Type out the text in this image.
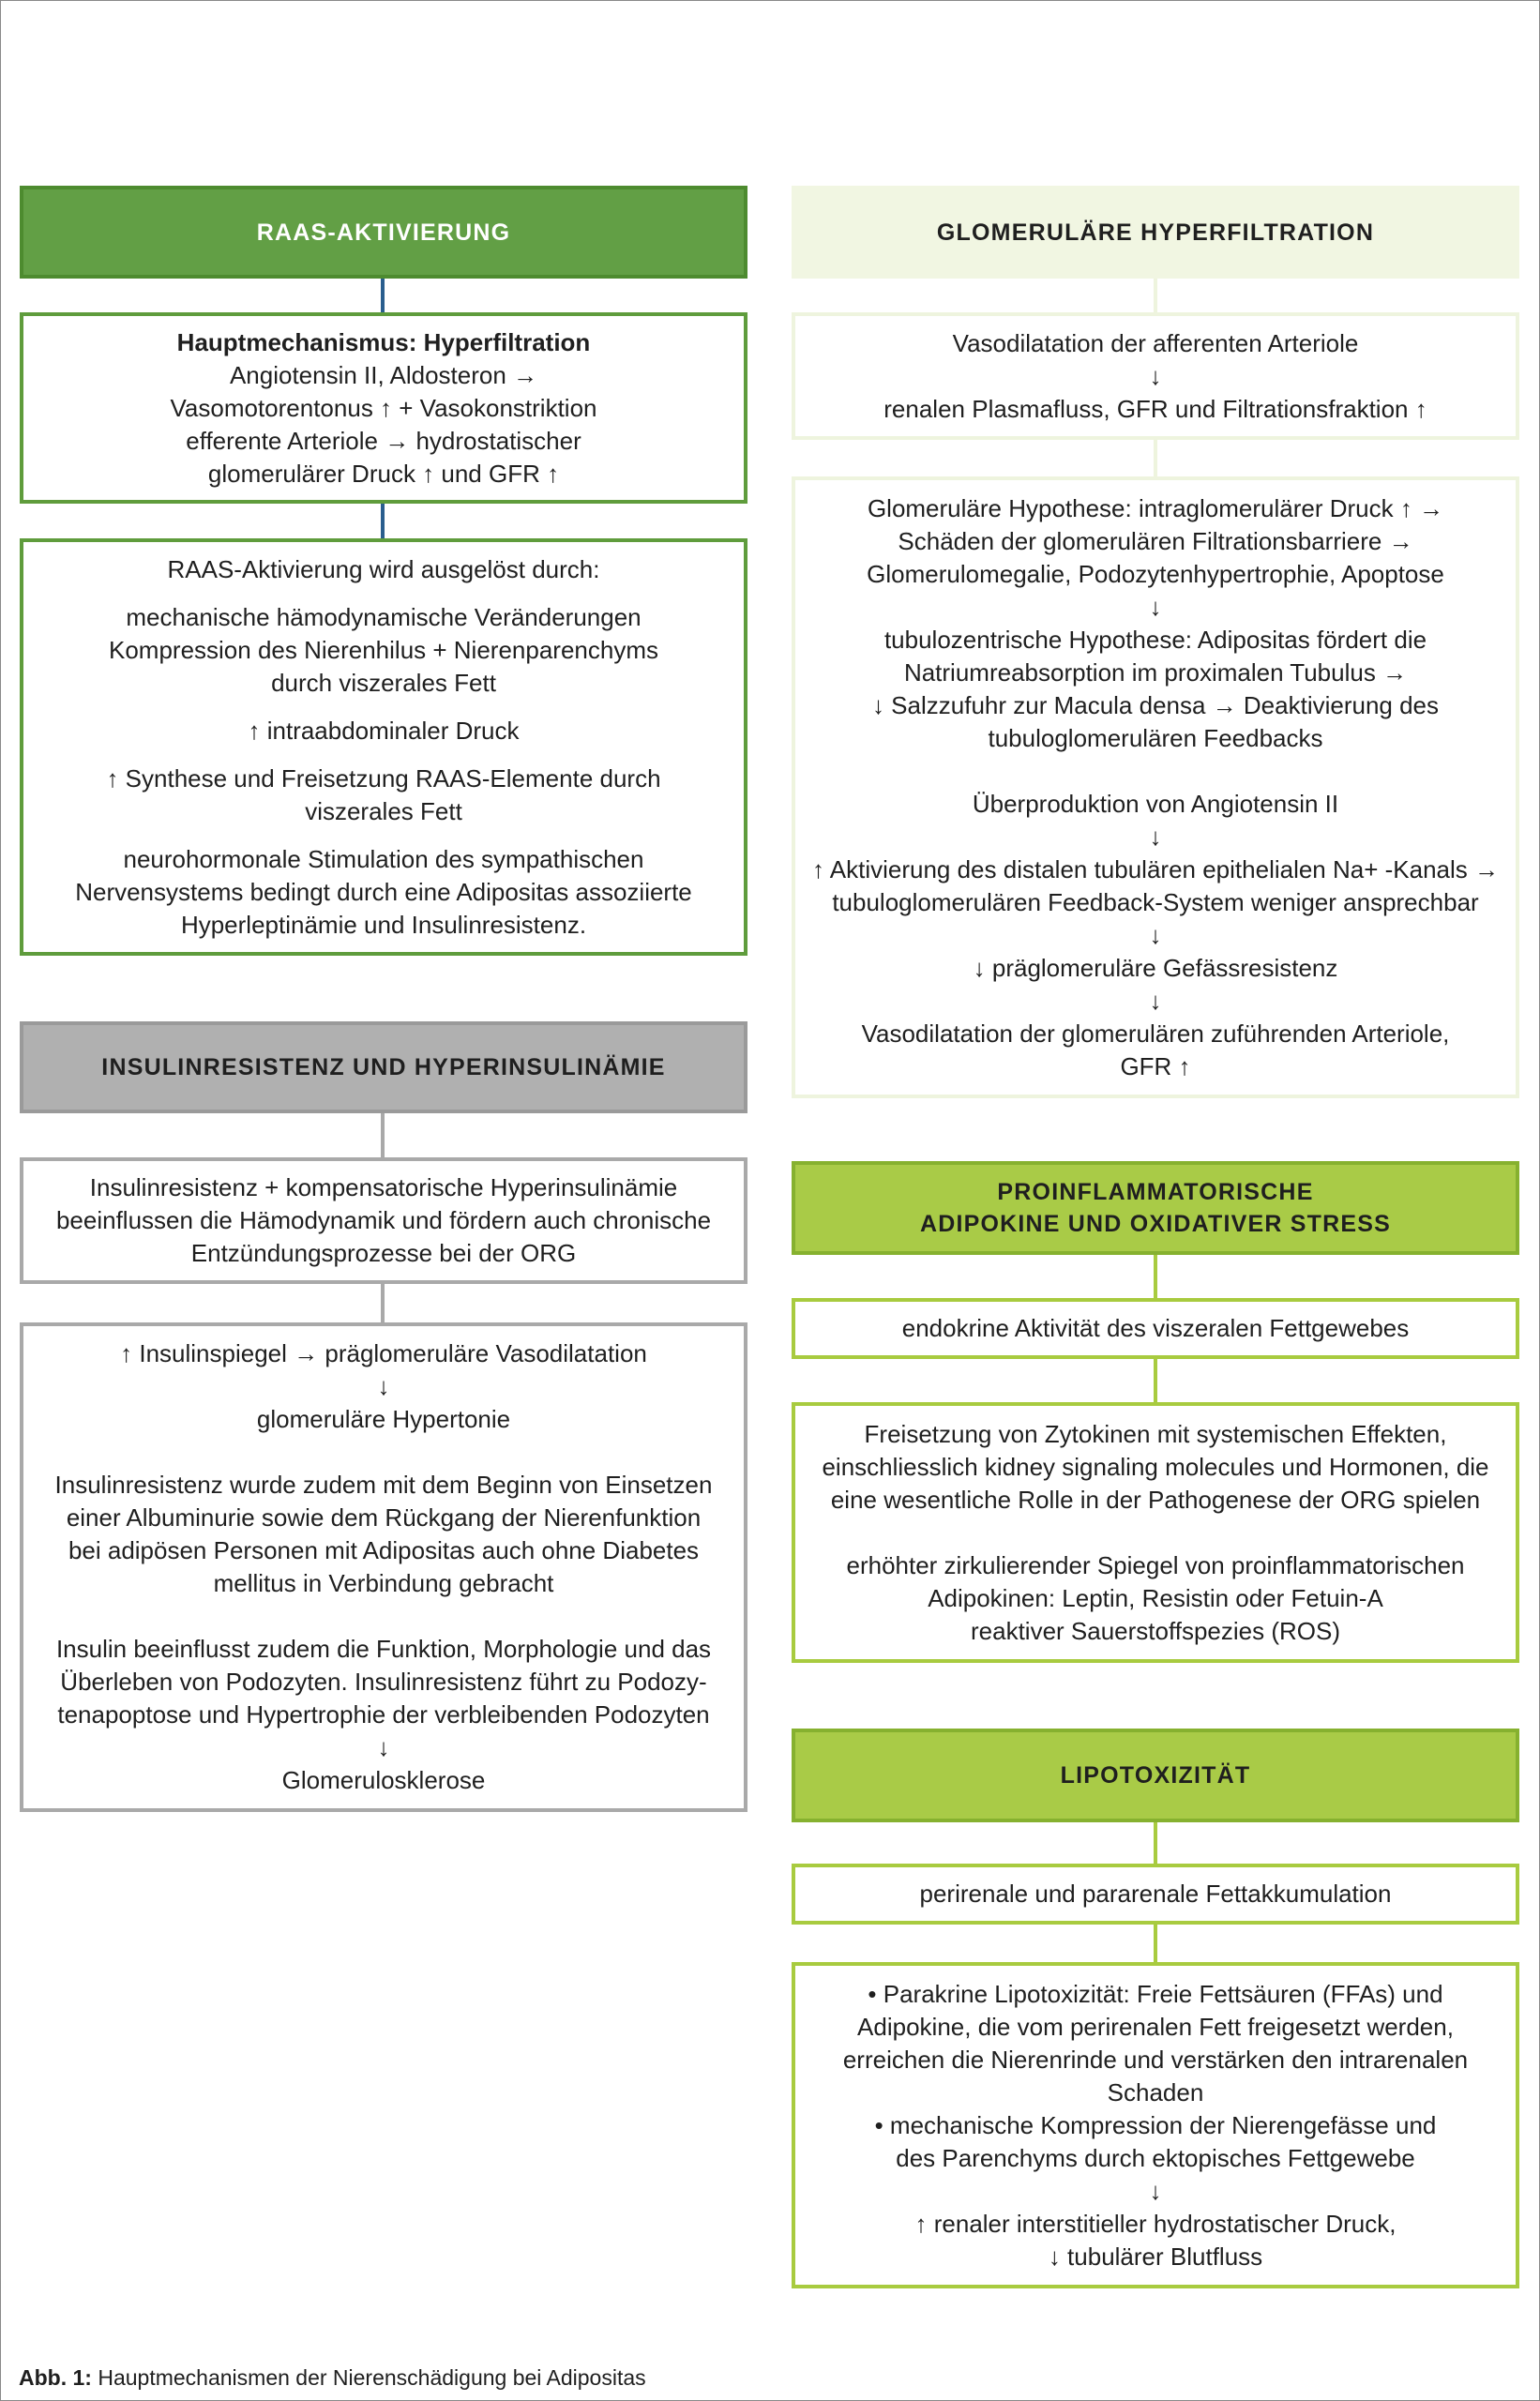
RAAS-AKTIVIERUNG
Hauptmechanismus: Hyperfiltration
Angiotensin II, Aldosteron →
Vasomotorentonus ↑ + Vasokonstriktion
efferente Arteriole → hydrostatischer
glomerulärer Druck ↑ und GFR ↑
RAAS-Aktivierung wird ausgelöst durch:
mechanische hämodynamische Veränderungen
Kompression des Nierenhilus + Nierenparenchyms
durch viszerales Fett
↑ intraabdominaler Druck
↑ Synthese und Freisetzung RAAS-Elemente durch
viszerales Fett
neurohormonale Stimulation des sympathischen
Nervensystems bedingt durch eine Adipositas assoziierte
Hyperleptinämie und Insulinresistenz.
INSULINRESISTENZ UND HYPERINSULINÄMIE
Insulinresistenz + kompensatorische Hyperinsulinämie
beeinflussen die Hämodynamik und fördern auch chronische
Entzündungsprozesse bei der ORG
↑ Insulinspiegel → präglomeruläre Vasodilatation
↓
glomeruläre Hypertonie
Insulinresistenz wurde zudem mit dem Beginn von Einsetzen
einer Albuminurie sowie dem Rückgang der Nierenfunktion
bei adipösen Personen mit Adipositas auch ohne Diabetes
mellitus in Verbindung gebracht
Insulin beeinflusst zudem die Funktion, Morphologie und das
Überleben von Podozyten. Insulinresistenz führt zu Podozy-
tenapoptose und Hypertrophie der verbleibenden Podozyten
↓
Glomerulosklerose
GLOMERULÄRE HYPERFILTRATION
Vasodilatation der afferenten Arteriole
↓
renalen Plasmafluss, GFR und Filtrationsfraktion ↑
Glomeruläre Hypothese: intraglomerulärer Druck ↑ →
Schäden der glomerulären Filtrationsbarriere →
Glomerulomegalie, Podozytenhypertrophie, Apoptose
↓
tubulozentrische Hypothese: Adipositas fördert die
Natriumreabsorption im proximalen Tubulus →
↓ Salzzufuhr zur Macula densa → Deaktivierung des
tubuloglomerulären Feedbacks
Überproduktion von Angiotensin II
↓
↑ Aktivierung des distalen tubulären epithelialen Na+ -Kanals →
tubuloglomerulären Feedback-System weniger ansprechbar
↓
↓ präglomeruläre Gefässresistenz
↓
Vasodilatation der glomerulären zuführenden Arteriole,
GFR ↑
PROINFLAMMATORISCHE
ADIPOKINE UND OXIDATIVER STRESS
endokrine Aktivität des viszeralen Fettgewebes
Freisetzung von Zytokinen mit systemischen Effekten,
einschliesslich kidney signaling molecules und Hormonen, die
eine wesentliche Rolle in der Pathogenese der ORG spielen
erhöhter zirkulierender Spiegel von proinflammatorischen
Adipokinen: Leptin, Resistin oder Fetuin-A
reaktiver Sauerstoffspezies (ROS)
LIPOTOXIZITÄT
perirenale und pararenale Fettakkumulation
• Parakrine Lipotoxizität: Freie Fettsäuren (FFAs) und
Adipokine, die vom perirenalen Fett freigesetzt werden,
erreichen die Nierenrinde und verstärken den intrarenalen
Schaden
• mechanische Kompression der Nierengefässe und
des Parenchyms durch ektopisches Fettgewebe
↓
↑ renaler interstitieller hydrostatischer Druck,
↓ tubulärer Blutfluss
Abb. 1: Hauptmechanismen der Nierenschädigung bei Adipositas
